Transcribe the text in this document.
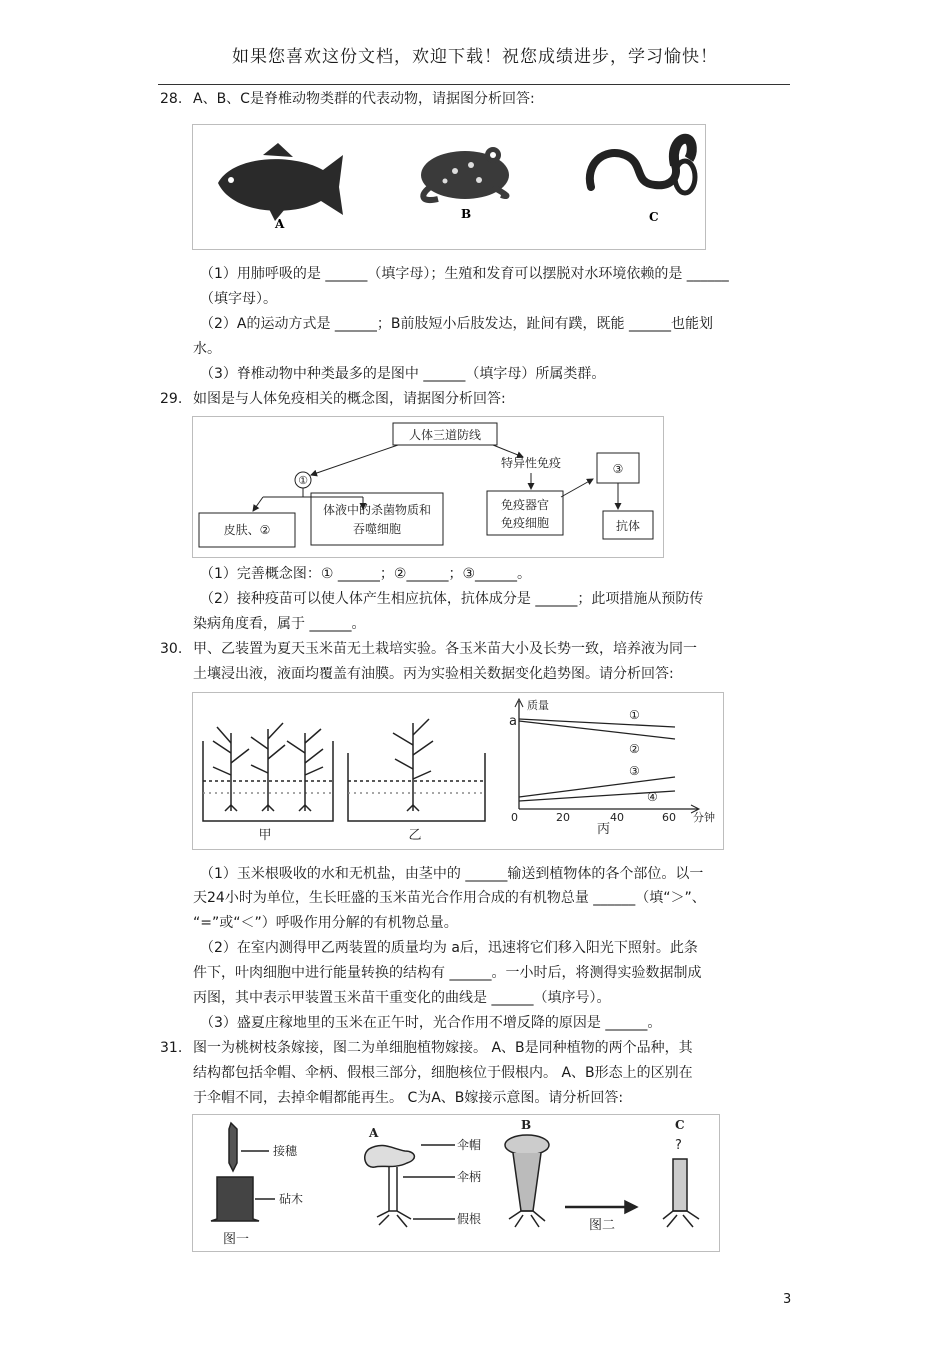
如果您喜欢这份文档，欢迎下载！祝您成绩进步，学习愉快！
28. A、B、C是脊椎动物类群的代表动物，请据图分析回答:
A
B	C
（1）用肺呼吸的是 ______（填字母）；生殖和发育可以摆脱对水环境依赖的是 ______
（填字母）。
（2）A的运动方式是 ______；B前肢短小后肢发达，趾间有蹼，既能 ______也能划
水。
（3）脊椎动物中种类最多的是图中 ______（填字母）所属类群。
29. 如图是与人体免疫相关的概念图，请据图分析回答:
人体三道防线
①
皮肤、②
体液中的杀菌物质和
吞噬细胞
特异性免疫
免疫器官
免疫细胞
③
抗体
（1）完善概念图：① ______；②______；③______。
（2）接种疫苗可以使人体产生相应抗体，抗体成分是 ______；此项措施从预防传
染病角度看，属于 ______。
30. 甲、乙装置为夏天玉米苗无土栽培实验。各玉米苗大小及长势一致，培养液为同一
土壤浸出液，液面均覆盖有油膜。丙为实验相关数据变化趋势图。请分析回答:
甲	乙
质量
a
0	20	40	60 分钟
①
②
③
④
丙
（1）玉米根吸收的水和无机盐，由茎中的 ______输送到植物体的各个部位。以一
天24小时为单位，生长旺盛的玉米苗光合作用合成的有机物总量 ______（填“＞”、
“=”或“＜”）呼吸作用分解的有机物总量。
（2）在室内测得甲乙两装置的质量均为 a后，迅速将它们移入阳光下照射。此条
件下，叶肉细胞中进行能量转换的结构有 ______。一小时后，将测得实验数据制成
丙图，其中表示甲装置玉米苗干重变化的曲线是 ______（填序号）。
（3）盛夏庄稼地里的玉米在正午时，光合作用不增反降的原因是 ______。
31. 图一为桃树枝条嫁接，图二为单细胞植物嫁接。 A、B是同种植物的两个品种，其
结构都包括伞帽、伞柄、假根三部分，细胞核位于假根内。 A、B形态上的区别在
于伞帽不同，去掉伞帽都能再生。 C为A、B嫁接示意图。请分析回答:
接穗
砧木
图一
A
B	C
伞帽
伞柄
假根	图二
?
3
